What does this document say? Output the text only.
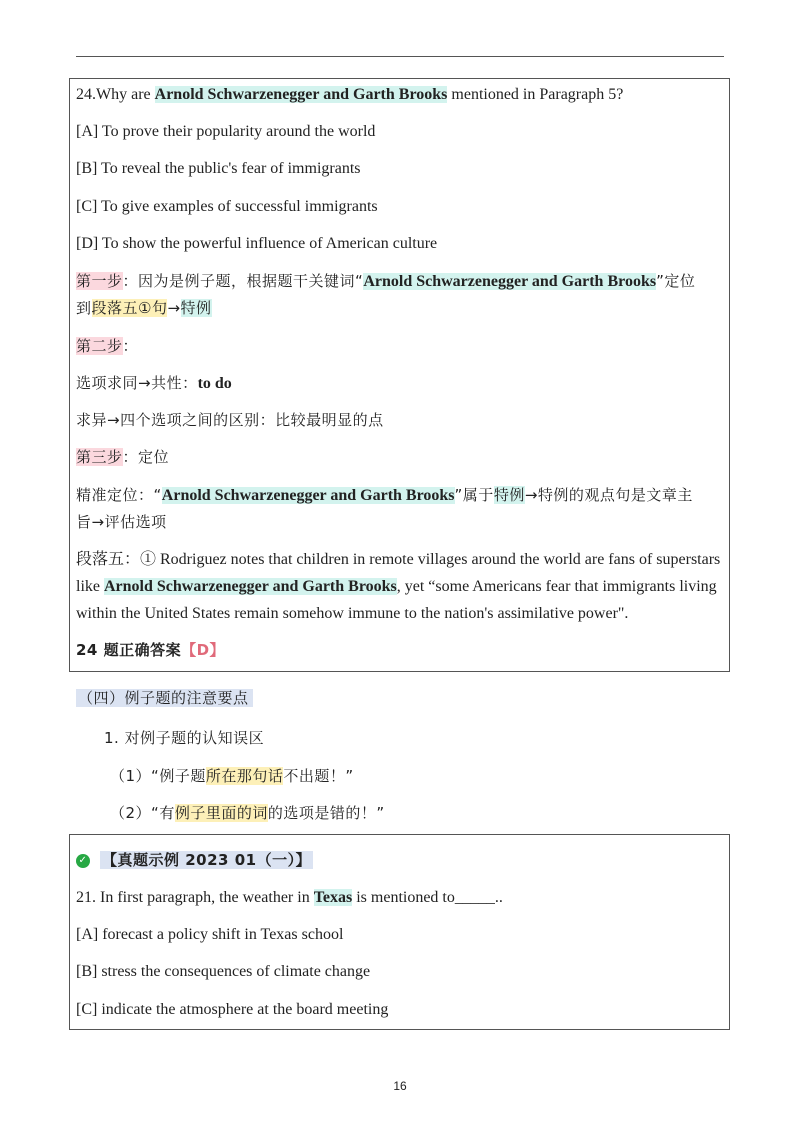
24.Why are Arnold Schwarzenegger and Garth Brooks mentioned in Paragraph 5?
[A] To prove their popularity around the world
[B] To reveal the public's fear of immigrants
[C] To give examples of successful immigrants
[D] To show the powerful influence of American culture
第一步：因为是例子题，根据题干关键词“Arnold Schwarzenegger and Garth Brooks”定位
到段落五①句→特例
第二步：
选项求同→共性：to do
求异→四个选项之间的区别：比较最明显的点
第三步：定位
精准定位：“Arnold Schwarzenegger and Garth Brooks”属于特例→特例的观点句是文章主
旨→评估选项
段落五：① Rodriguez notes that children in remote villages around the world are fans of superstars
like Arnold Schwarzenegger and Garth Brooks, yet “some Americans fear that immigrants living
within the United States remain somehow immune to the nation's assimilative power".
24 题正确答案【D】
（四）例子题的注意要点
1. 对例子题的认知误区
（1）“例子题所在那句话不出题！”
（2）“有例子里面的词的选项是错的！”
✓ 【真题示例 2023 01（一）】
21. In first paragraph, the weather in Texas is mentioned to_____..
[A] forecast a policy shift in Texas school
[B] stress the consequences of climate change
[C] indicate the atmosphere at the board meeting
16
